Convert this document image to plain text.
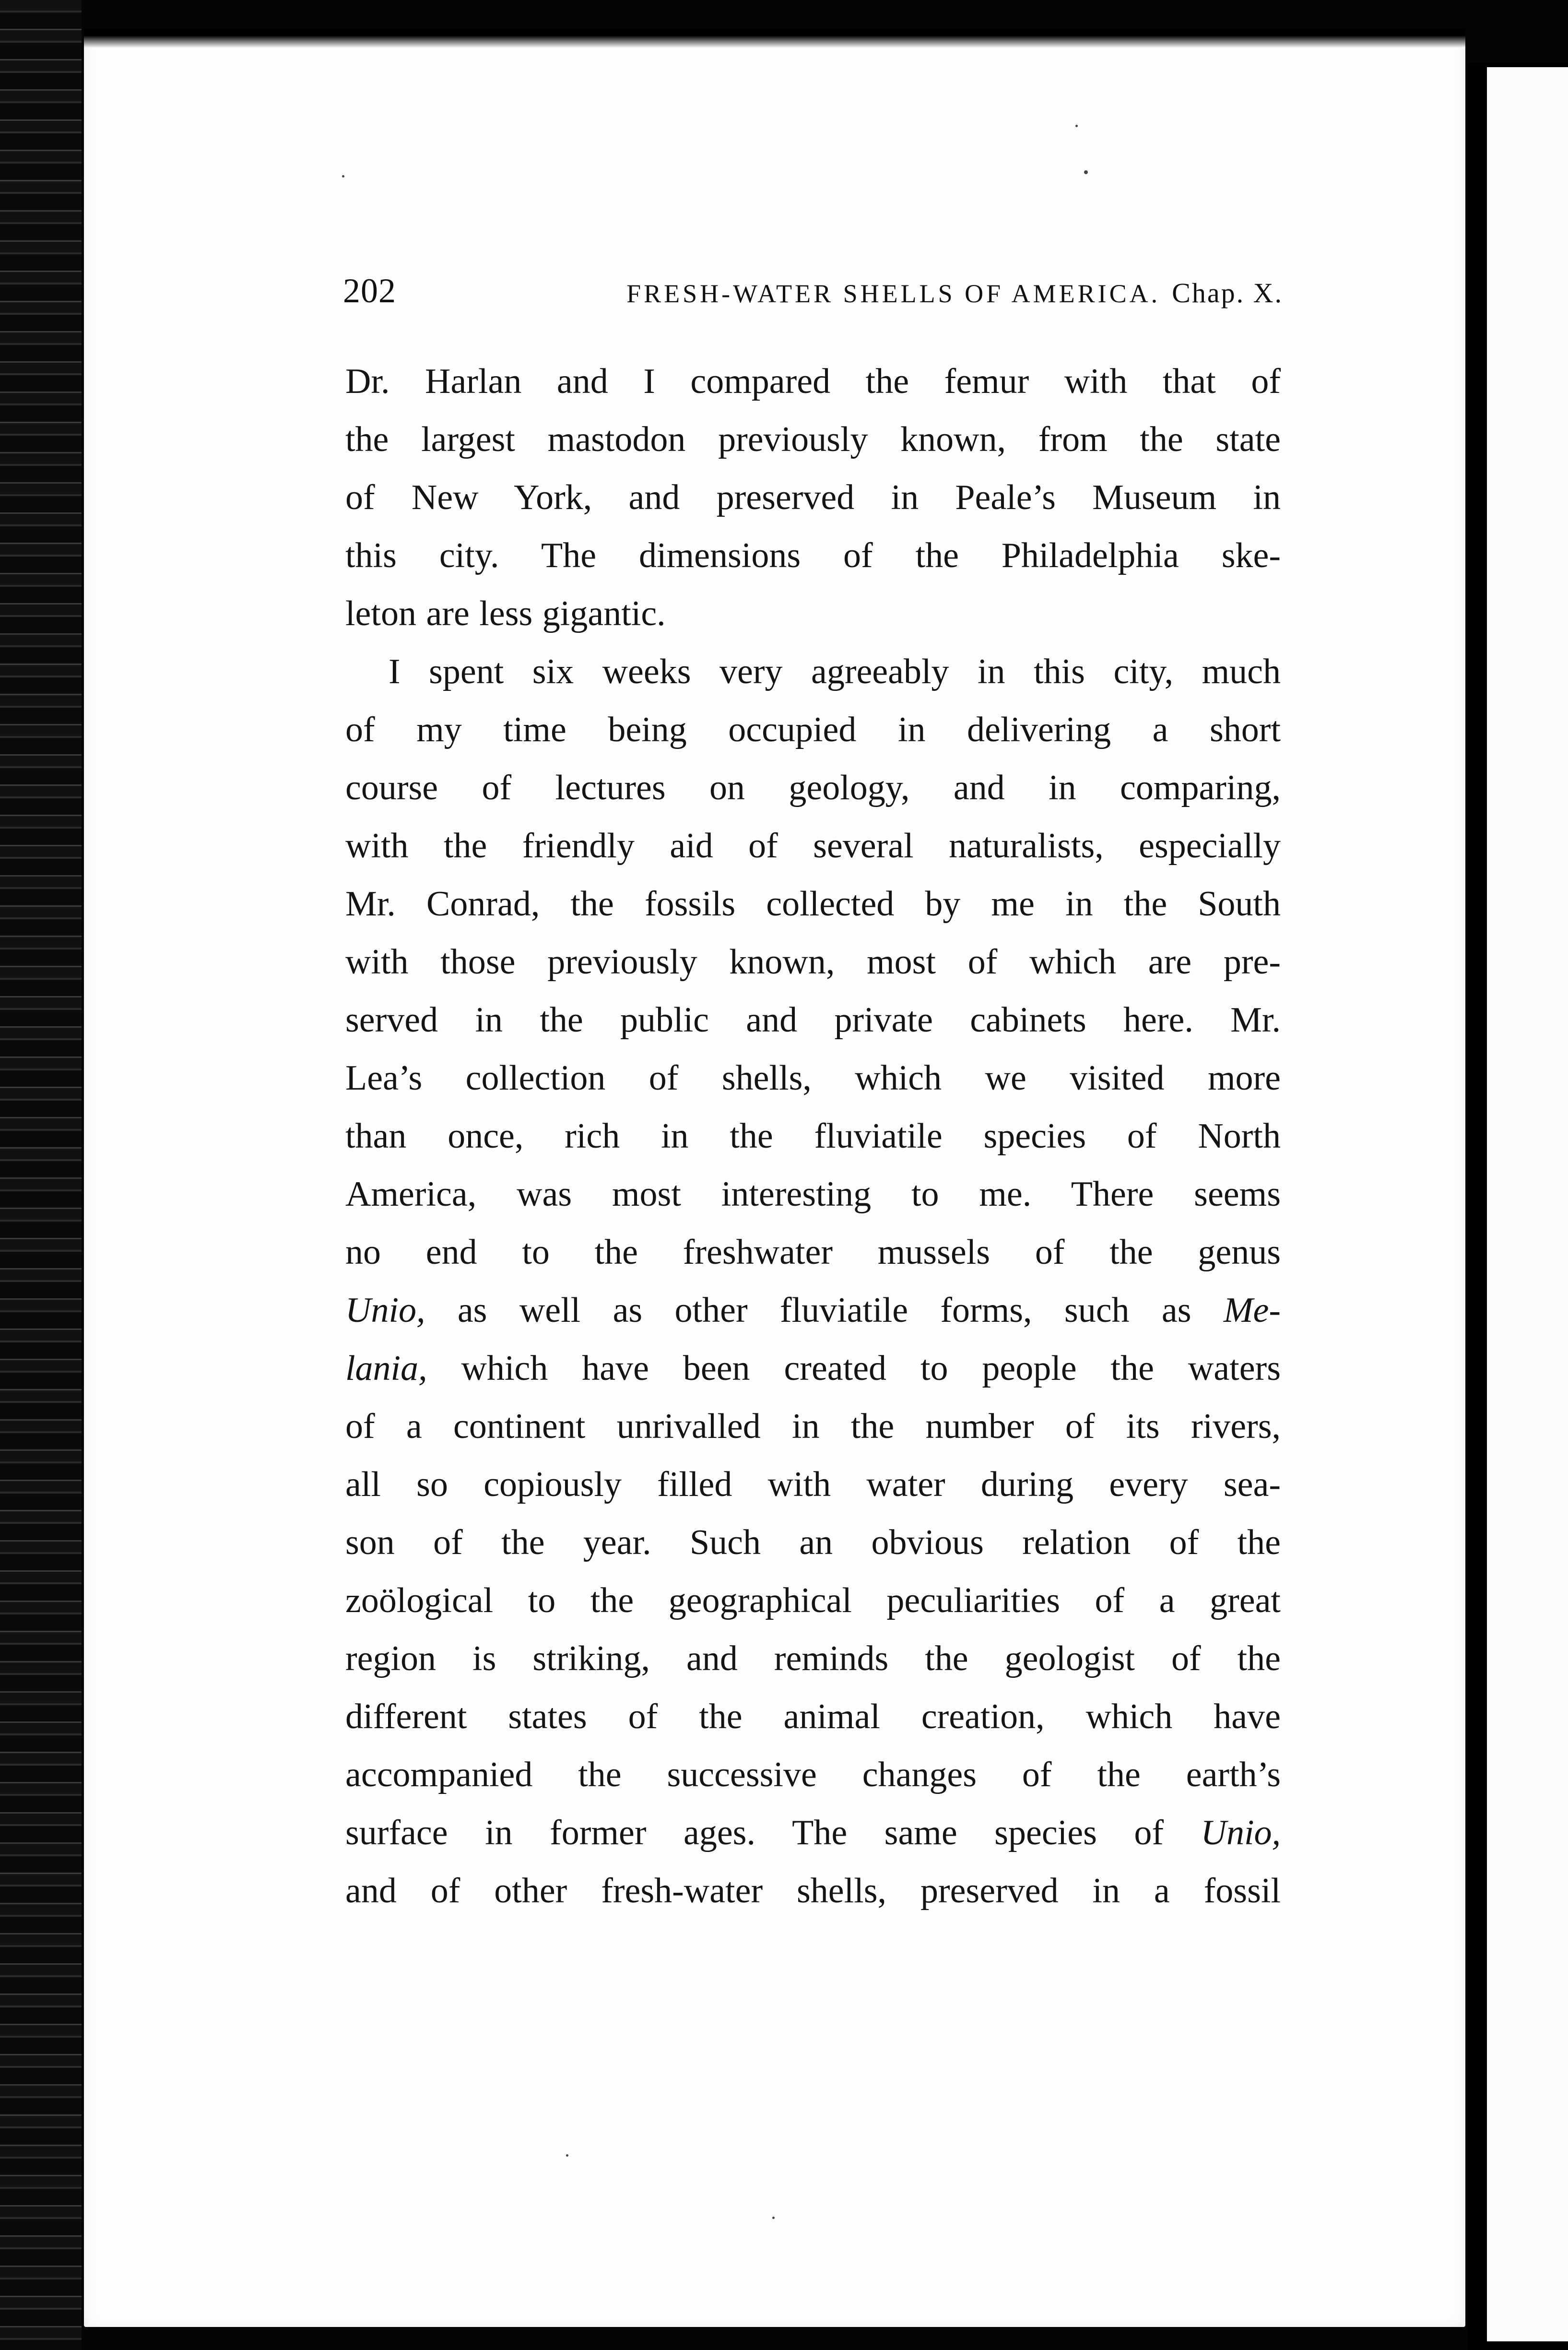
202	FRESH-WATER SHELLS OF AMERICA. Chap. X.
Dr. Harlan and I compared the femur with that of
the largest mastodon previously known, from the state
of New York, and preserved in Peale’s Museum in
this city. The dimensions of the Philadelphia ske-
leton are less gigantic.
I spent six weeks very agreeably in this city, much
of my time being occupied in delivering a short
course of lectures on geology, and in comparing,
with the friendly aid of several naturalists, especially
Mr. Conrad, the fossils collected by me in the South
with those previously known, most of which are pre-
served in the public and private cabinets here. Mr.
Lea’s collection of shells, which we visited more
than once, rich in the fluviatile species of North
America, was most interesting to me. There seems
no end to the freshwater mussels of the genus
Unio, as well as other fluviatile forms, such as Me-
lania, which have been created to people the waters
of a continent unrivalled in the number of its rivers,
all so copiously filled with water during every sea-
son of the year. Such an obvious relation of the
zoölogical to the geographical peculiarities of a great
region is striking, and reminds the geologist of the
different states of the animal creation, which have
accompanied the successive changes of the earth’s
surface in former ages. The same species of Unio,
and of other fresh-water shells, preserved in a fossil
